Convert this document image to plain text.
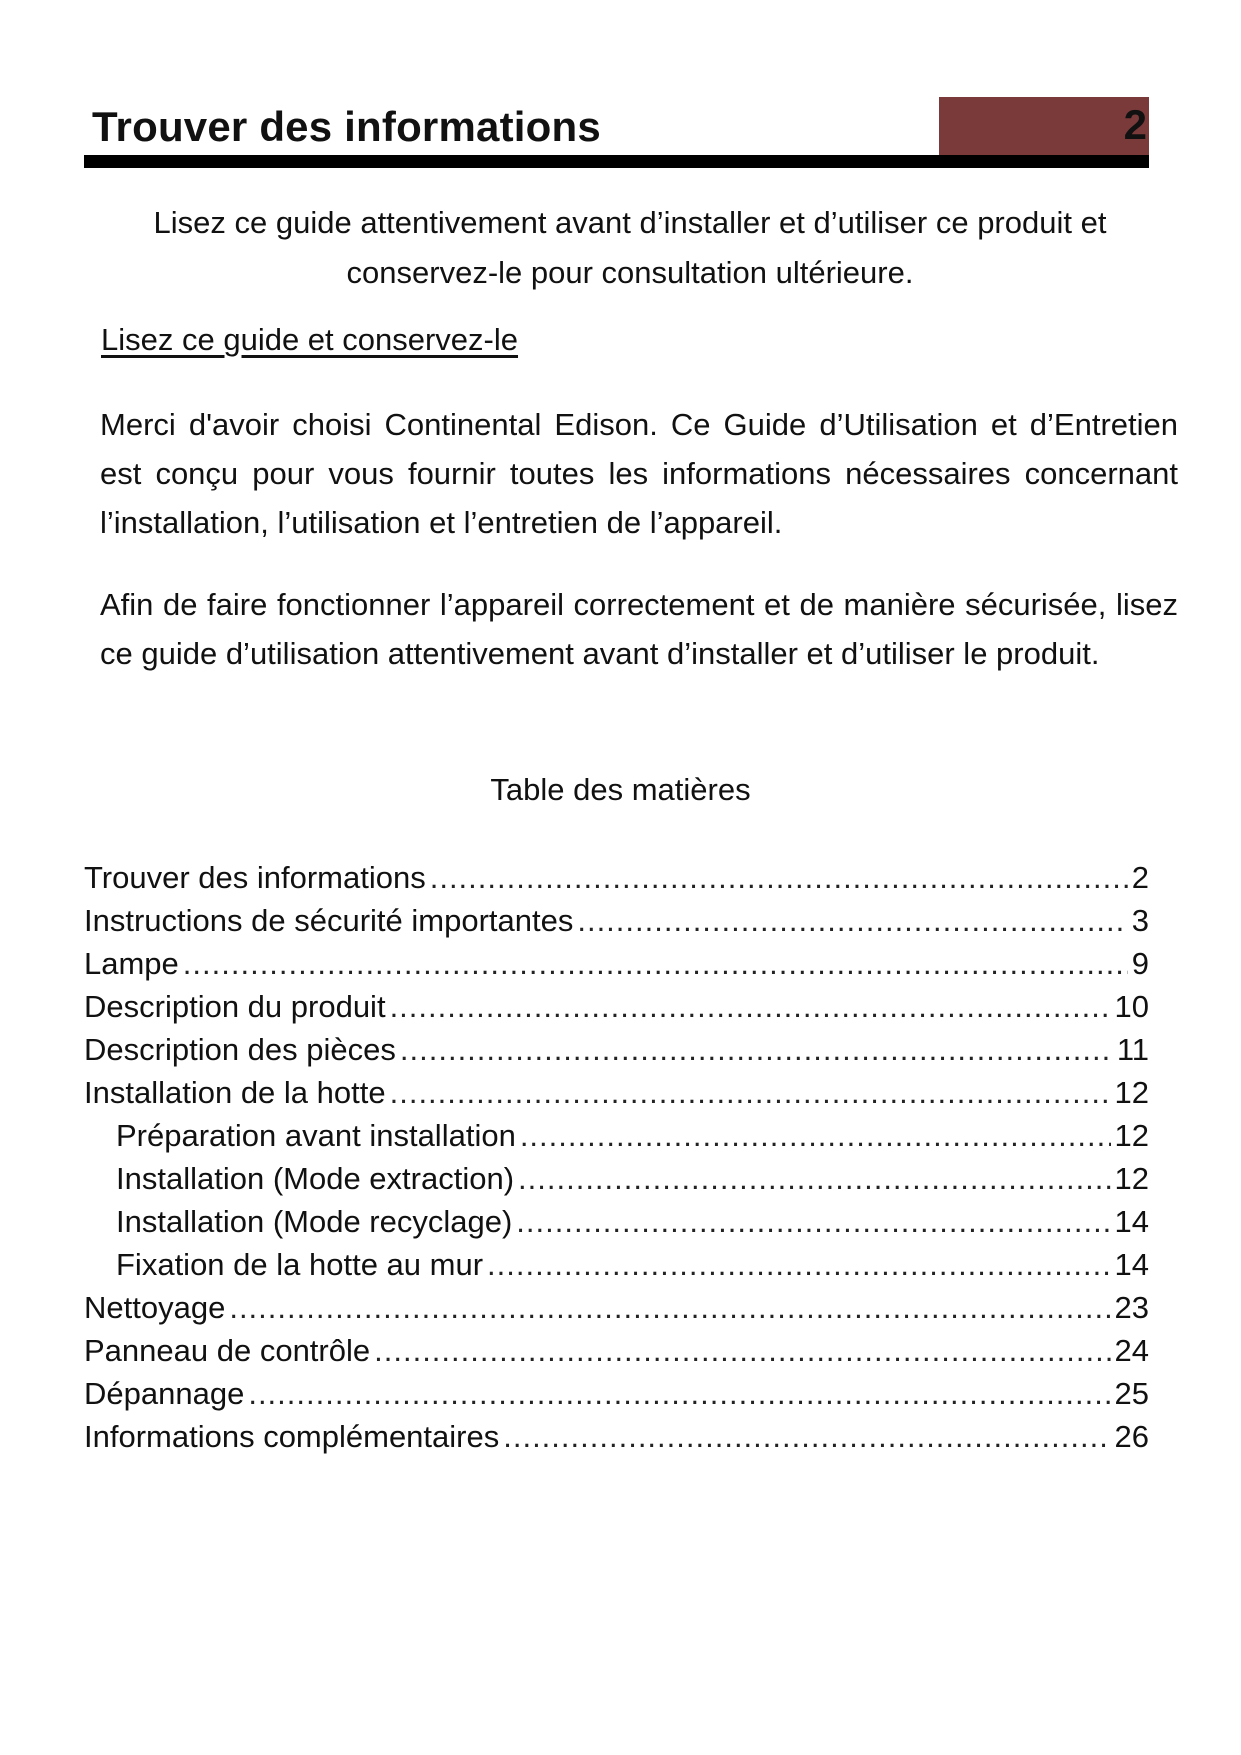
Trouver des informations	2
Lisez ce guide attentivement avant d’installer et d’utiliser ce produit et conservez-le pour consultation ultérieure.
Lisez ce guide et conservez-le
Merci d'avoir choisi Continental Edison. Ce Guide d’Utilisation et d’Entretien est conçu pour vous fournir toutes les informations nécessaires concernant l’installation, l’utilisation et l’entretien de l’appareil.
Afin de faire fonctionner l’appareil correctement et de manière sécurisée, lisez ce guide d’utilisation attentivement avant d’installer et d’utiliser le produit.
Table des matières
Trouver des informations .....	2
Instructions de sécurité importantes .....	3
Lampe .....	9
Description du produit .....	10
Description des pièces .....	11
Installation de la hotte .....	12
Préparation avant installation .....	12
Installation (Mode extraction) .....	12
Installation (Mode recyclage) .....	14
Fixation de la hotte au mur .....	14
Nettoyage .....	23
Panneau de contrôle .....	24
Dépannage .....	25
Informations complémentaires .....	26
